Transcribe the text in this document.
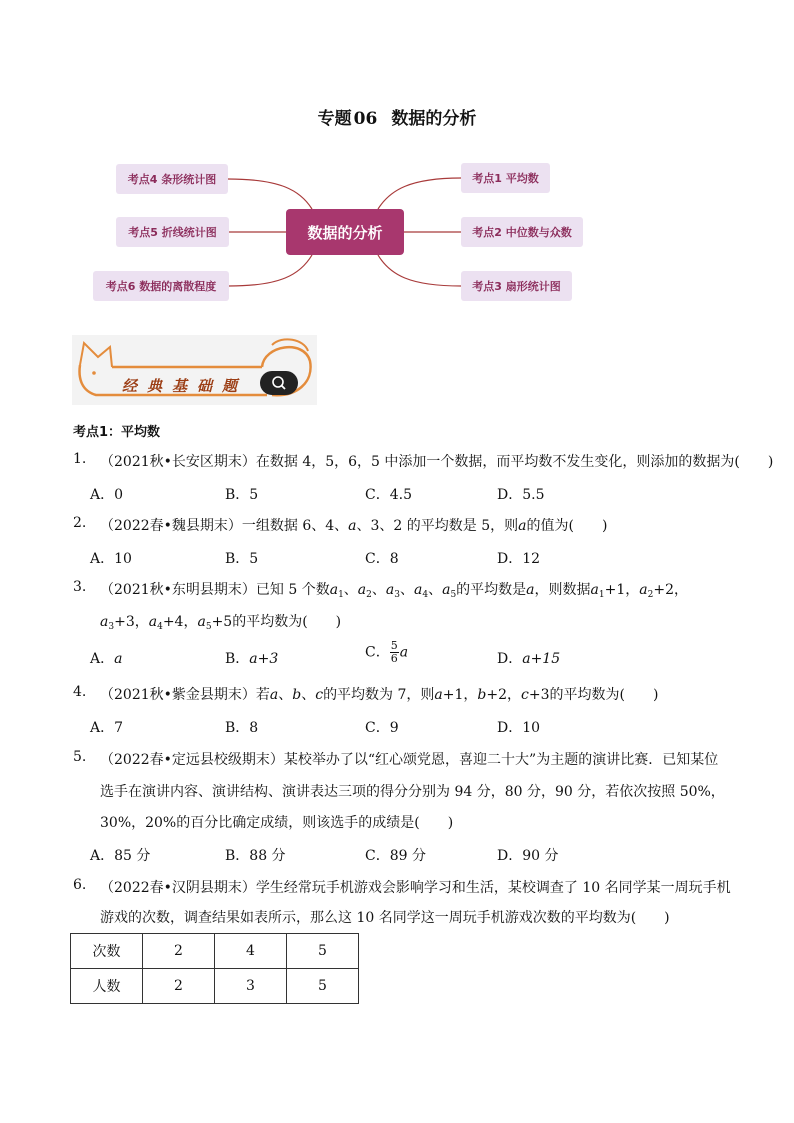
专题 06 数据的分析
考点4 条形统计图
考点5 折线统计图
考点6 数据的离散程度
数据的分析
考点1 平均数
考点2 中位数与众数
考点3 扇形统计图
经典基础题
考点1：平均数
1. （2021秋•长安区期末）在数据 4，5，6，5 中添加一个数据，而平均数不发生变化，则添加的数据为(　　)
A．0	B．5	C．4.5	D．5.5
2. （2022春•魏县期末）一组数据 6、4、a、3、2 的平均数是 5，则a的值为(　　)
A．10	B．5	C．8	D．12
3. （2021秋•东明县期末）已知 5 个数$a_1$、$a_2$、$a_3$、$a_4$、$a_5$的平均数是a，则数据$a_1+1$，$a_2+2$，
$a_3+3$，$a_4+4$，$a_5+5$的平均数为(　　)
A．a	B．a+3	C． $\frac{5}{6}$ a	D．a+15
4. （2021秋•紫金县期末）若a、b、c的平均数为 7，则a+1，b+2，c+3的平均数为(　　)
A．7	B．8	C．9	D．10
5. （2022春•定远县校级期末）某校举办了以“红心颂党恩，喜迎二十大”为主题的演讲比赛．已知某位
选手在演讲内容、演讲结构、演讲表达三项的得分分别为 94 分，80 分，90 分，若依次按照 50%，
30%，20%的百分比确定成绩，则该选手的成绩是(　　)
A．85 分	B．88 分	C．89 分	D．90 分
6. （2022春•汉阴县期末）学生经常玩手机游戏会影响学习和生活，某校调查了 10 名同学某一周玩手机
游戏的次数，调查结果如表所示，那么这 10 名同学这一周玩手机游戏次数的平均数为(　　)
次数	2	4	5
人数	2	3	5
